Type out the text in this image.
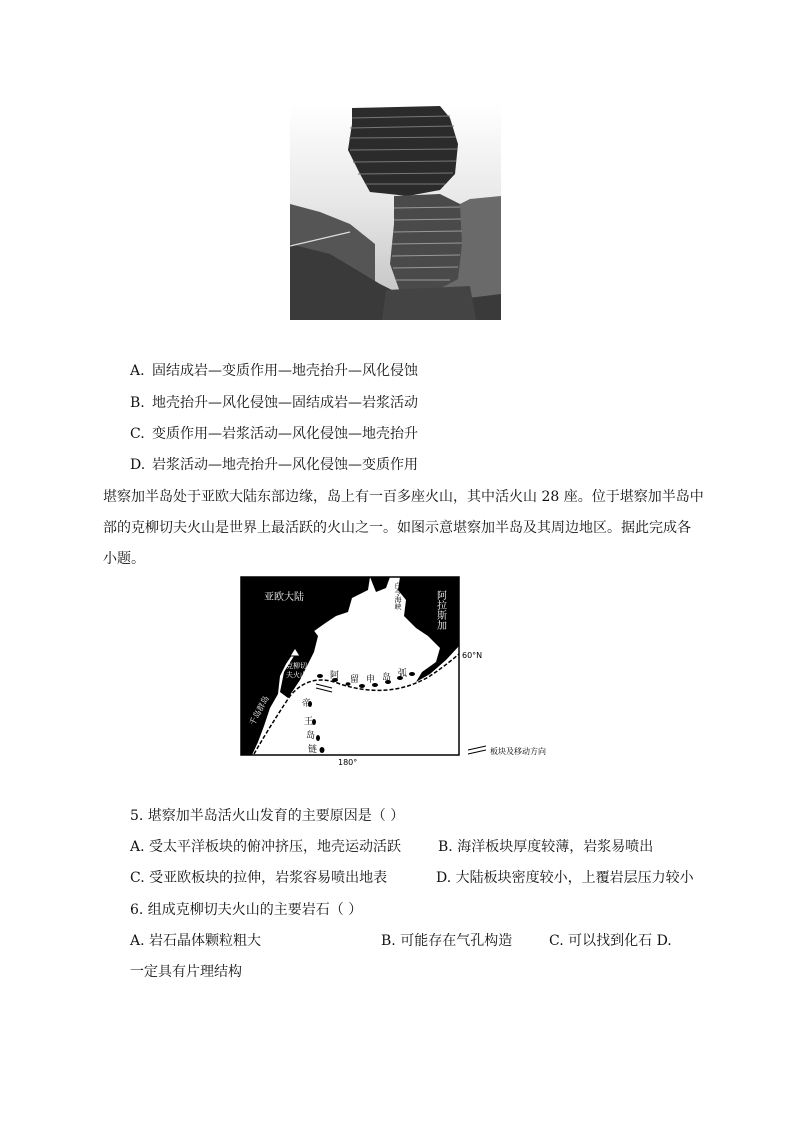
A. 固结成岩—变质作用—地壳抬升—风化侵蚀
B. 地壳抬升—风化侵蚀—固结成岩—岩浆活动
C. 变质作用—岩浆活动—风化侵蚀—地壳抬升
D. 岩浆活动—地壳抬升—风化侵蚀—变质作用
堪察加半岛处于亚欧大陆东部边缘，岛上有一百多座火山，其中活火山 28 座。位于堪察加半岛中
部的克柳切夫火山是世界上最活跃的火山之一。如图示意堪察加半岛及其周边地区。据此完成各
小题。
亚欧大陆	阿拉斯加
白令海峡
克柳切
夫火山	阿 留 申 岛 弧
千岛群岛	帝
王
岛
链
60°N
180°
板块及移动方向
5. 堪察加半岛活火山发育的主要原因是（ ）
A. 受太平洋板块的俯冲挤压，地壳运动活跃	B. 海洋板块厚度较薄，岩浆易喷出
C. 受亚欧板块的拉伸，岩浆容易喷出地表	D. 大陆板块密度较小，上覆岩层压力较小
6. 组成克柳切夫火山的主要岩石（ ）
A. 岩石晶体颗粒粗大	B. 可能存在气孔构造	C. 可以找到化石 D.
一定具有片理结构
